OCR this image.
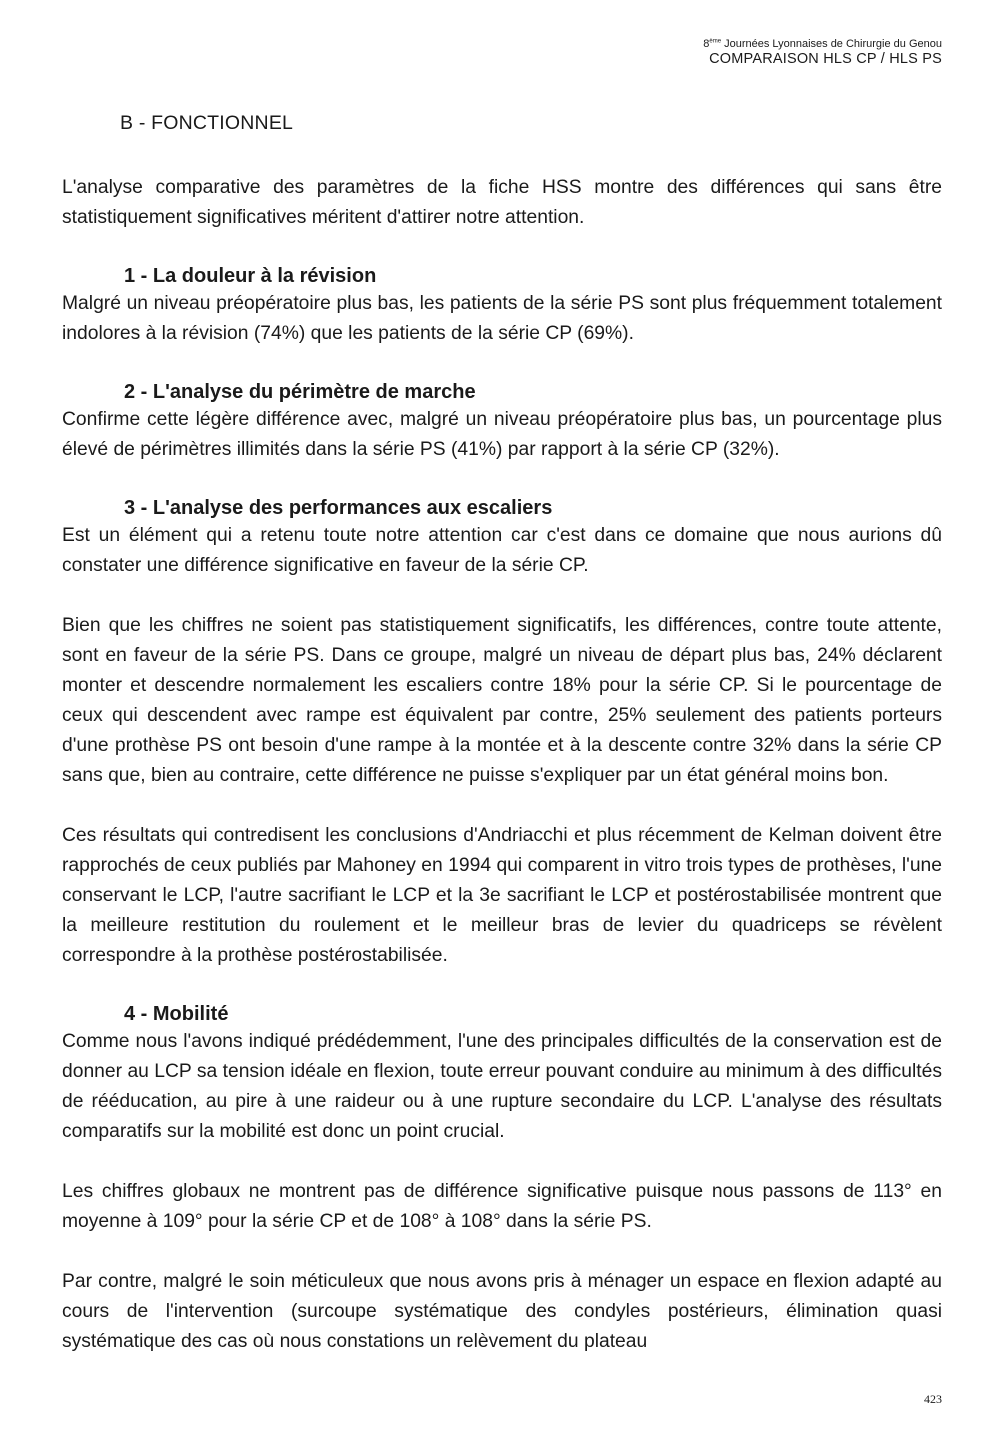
8ème Journées Lyonnaises de Chirurgie du Genou
COMPARAISON HLS CP / HLS PS
B - FONCTIONNEL

L'analyse comparative des paramètres de la fiche HSS montre des différences qui sans être statistiquement significatives méritent d'attirer notre attention.

1 - La douleur à la révision

Malgré un niveau préopératoire plus bas, les patients de la série PS sont plus fréquemment totalement indolores à la révision (74%) que les patients de la série CP (69%).

2 - L'analyse du périmètre de marche

Confirme cette légère différence avec, malgré un niveau préopératoire plus bas, un pourcentage plus élevé de périmètres illimités dans la série PS (41%) par rapport à la série CP (32%).

3 - L'analyse des performances aux escaliers

Est un élément qui a retenu toute notre attention car c'est dans ce domaine que nous aurions dû constater une différence significative en faveur de la série CP.

Bien que les chiffres ne soient pas statistiquement significatifs, les différences, contre toute attente, sont en faveur de la série PS. Dans ce groupe, malgré un niveau de départ plus bas, 24% déclarent monter et descendre normalement les escaliers contre 18% pour la série CP. Si le pourcentage de ceux qui descendent avec rampe est équivalent par contre, 25% seulement des patients porteurs d'une prothèse PS ont besoin d'une rampe à la montée et à la descente contre 32% dans la série CP sans que, bien au contraire, cette différence ne puisse s'expliquer par un état général moins bon.

Ces résultats qui contredisent les conclusions d'Andriacchi et plus récemment de Kelman doivent être rapprochés de ceux publiés par Mahoney en 1994 qui comparent in vitro trois types de prothèses, l'une conservant le LCP, l'autre sacrifiant le LCP et la 3e sacrifiant le LCP et postérostabilisée montrent que la meilleure restitution du roulement et le meilleur bras de levier du quadriceps se révèlent correspondre à la prothèse postérostabilisée.

4 - Mobilité

Comme nous l'avons indiqué prédédemment, l'une des principales difficultés de la conservation est de donner au LCP sa tension idéale en flexion, toute erreur pouvant conduire au minimum à des difficultés de rééducation, au pire à une raideur ou à une rupture secondaire du LCP. L'analyse des résultats comparatifs sur la mobilité est donc un point crucial.

Les chiffres globaux ne montrent pas de différence significative puisque nous passons de 113° en moyenne à 109° pour la série CP et de 108° à 108° dans la série PS.

Par contre, malgré le soin méticuleux que nous avons pris à ménager un espace en flexion adapté au cours de l'intervention (surcoupe systématique des condyles postérieurs, élimination quasi systématique des cas où nous constations un relèvement du plateau

423
